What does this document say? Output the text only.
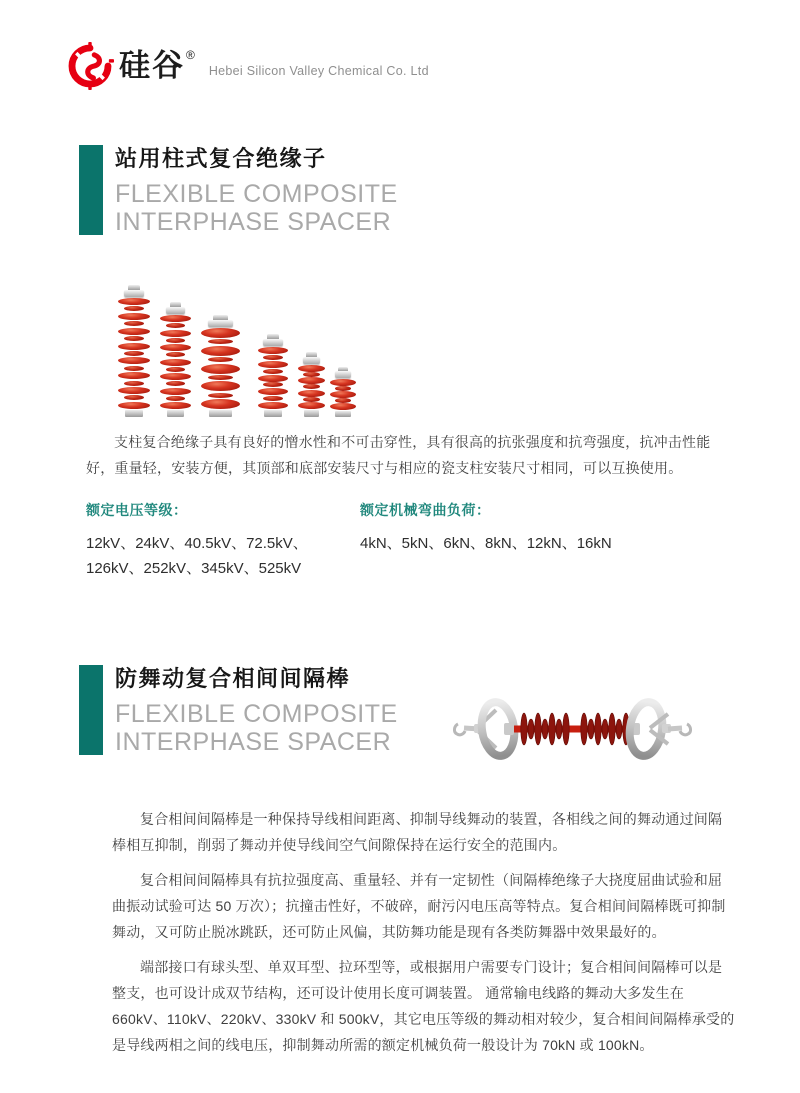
硅谷 ®
Hebei Silicon Valley Chemical Co. Ltd
站用柱式复合绝缘子
FLEXIBLE COMPOSITE
INTERPHASE SPACER

支柱复合绝缘子具有良好的憎水性和不可击穿性，具有很高的抗张强度和抗弯强度，抗冲击性能好，重量轻，安装方便，其顶部和底部安装尺寸与相应的瓷支柱安装尺寸相同，可以互换使用。

额定电压等级：
12kV、24kV、40.5kV、72.5kV、
126kV、252kV、345kV、525kV
额定机械弯曲负荷：
4kN、5kN、6kN、8kN、12kN、16kN
防舞动复合相间间隔棒
FLEXIBLE COMPOSITE
INTERPHASE SPACER

复合相间间隔棒是一种保持导线相间距离、抑制导线舞动的装置，各相线之间的舞动通过间隔棒相互抑制，削弱了舞动并使导线间空气间隙保持在运行安全的范围内。

复合相间间隔棒具有抗拉强度高、重量轻、并有一定韧性（间隔棒绝缘子大挠度屈曲试验和屈曲振动试验可达 50 万次）；抗撞击性好，不破碎，耐污闪电压高等特点。复合相间间隔棒既可抑制舞动，又可防止脱冰跳跃，还可防止风偏，其防舞功能是现有各类防舞器中效果最好的。

端部接口有球头型、单双耳型、拉环型等，或根据用户需要专门设计；复合相间间隔棒可以是整支，也可设计成双节结构，还可设计使用长度可调装置。 通常输电线路的舞动大多发生在 660kV、110kV、220kV、330kV 和 500kV，其它电压等级的舞动相对较少，复合相间间隔棒承受的是导线两相之间的线电压，抑制舞动所需的额定机械负荷一般设计为 70kN 或 100kN。
